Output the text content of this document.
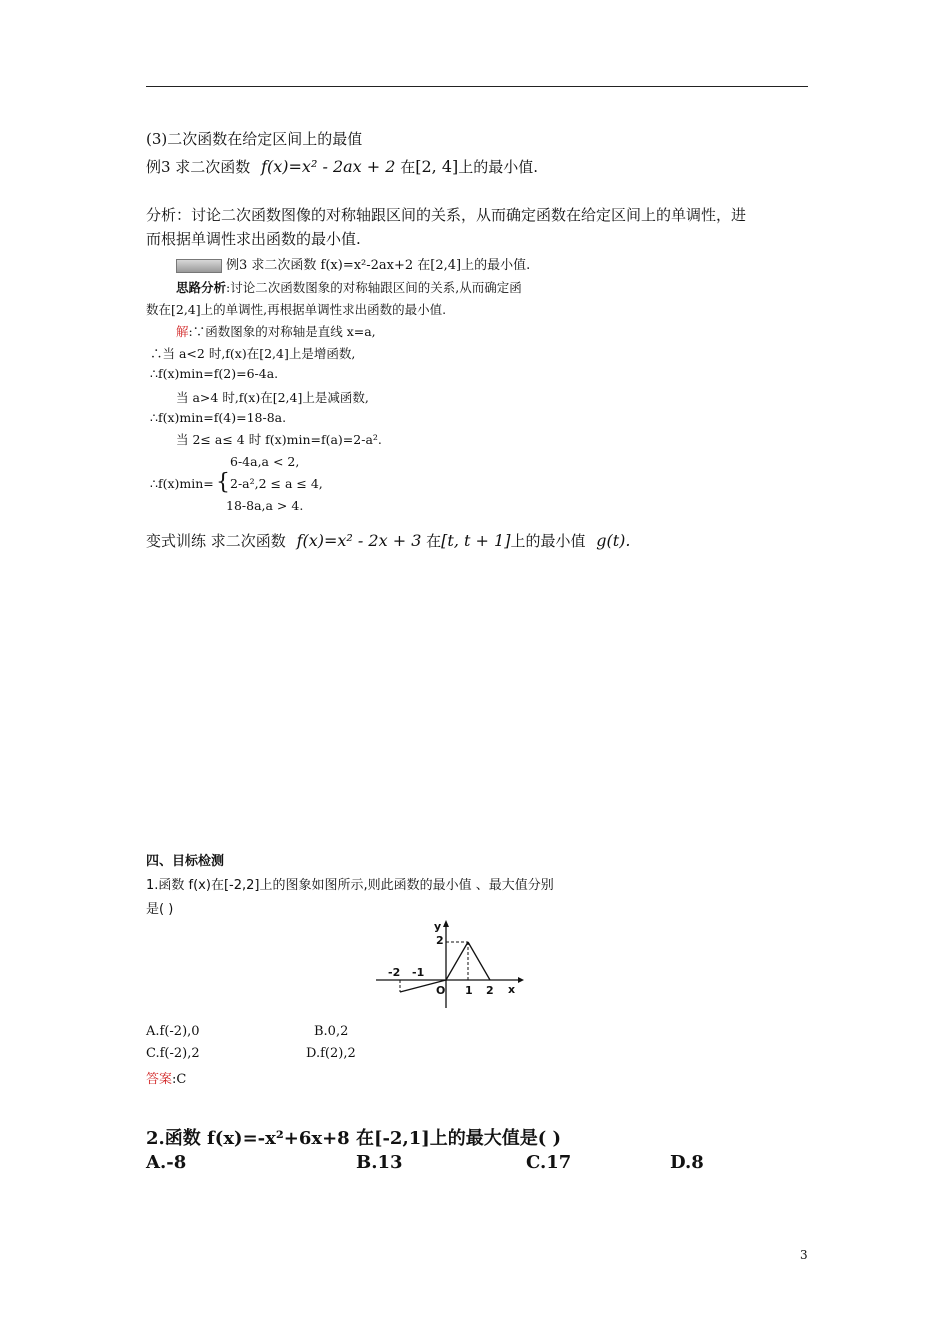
(3)二次函数在给定区间上的最值
例3 求二次函数 f(x)=x² - 2ax + 2 在[2, 4]上的最小值.
分析：讨论二次函数图像的对称轴跟区间的关系，从而确定函数在给定区间上的单调性，进
而根据单调性求出函数的最小值.
例3 求二次函数 f(x)=x²-2ax+2 在[2,4]上的最小值.
思路分析:讨论二次函数图象的对称轴跟区间的关系,从而确定函
数在[2,4]上的单调性,再根据单调性求出函数的最小值.
解:∵函数图象的对称轴是直线 x=a,
∴当 a<2 时,f(x)在[2,4]上是增函数,
∴f(x)min=f(2)=6-4a.
当 a>4 时,f(x)在[2,4]上是减函数,
∴f(x)min=f(4)=18-8a.
当 2≤ a≤ 4 时 f(x)min=f(a)=2-a².
6-4a,a < 2,
∴f(x)min= { 2-a²,2 ≤ a ≤ 4,
18-8a,a > 4.
变式训练 求二次函数 f(x)=x² - 2x + 3 在[t, t + 1]上的最小值 g(t).
四、目标检测
1.函数 f(x)在[-2,2]上的图象如图所示,则此函数的最小值 、最大值分别
是( )
y
x
2
-2 -1
O 1 2
A.f(-2),0	B.0,2
C.f(-2),2	D.f(2),2
答案:C
2.函数 f(x)=-x²+6x+8 在[-2,1]上的最大值是( )
A.-8	B.13	C.17	D.8
3
